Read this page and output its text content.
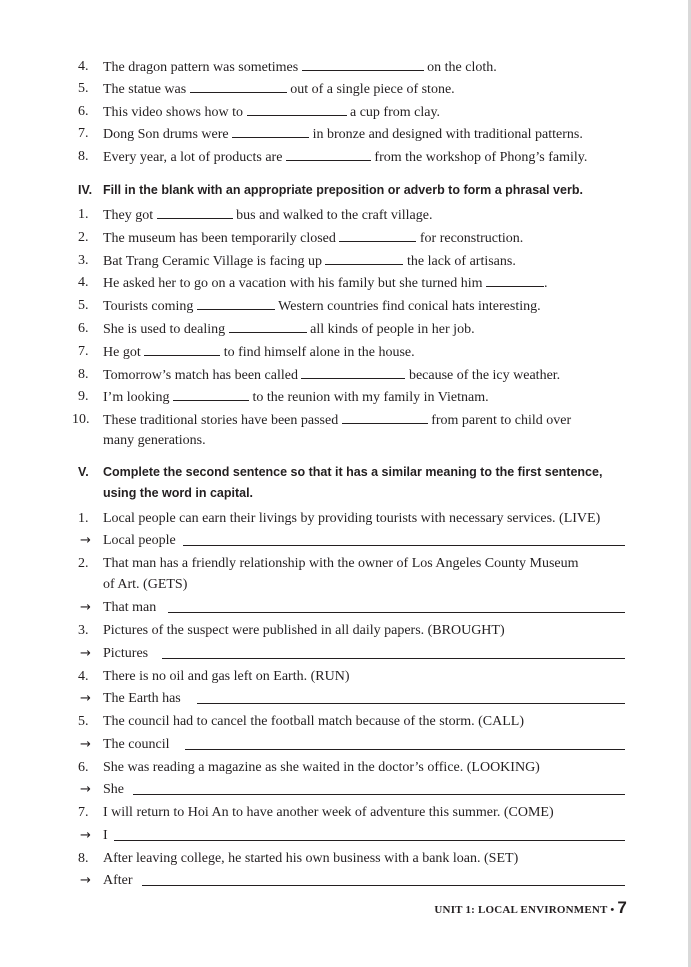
4.	The dragon pattern was sometimes	on the cloth.
5.	The statue was	out of a single piece of stone.
6.	This video shows how to	a cup from clay.
7.	Dong Son drums were	in bronze and designed with traditional patterns.
8.	Every year, a lot of products are	from the workshop of Phong’s family.
IV. Fill in the blank with an appropriate preposition or adverb to form a phrasal verb.
1.	They got	bus and walked to the craft village.
2.	The museum has been temporarily closed	for reconstruction.
3.	Bat Trang Ceramic Village is facing up	the lack of artisans.
4.	He asked her to go on a vacation with his family but she turned him	.
5.	Tourists coming	Western countries find conical hats interesting.
6.	She is used to dealing	all kinds of people in her job.
7.	He got	to find himself alone in the house.
8.	Tomorrow’s match has been called	because of the icy weather.
9.	I’m looking	to the reunion with my family in Vietnam.
10. These traditional stories have been passed	from parent to child over
many generations.
V. Complete the second sentence so that it has a similar meaning to the first sentence,
using the word in capital.
1.	Local people can earn their livings by providing tourists with necessary services. (LIVE)
→ Local people
2.	That man has a friendly relationship with the owner of Los Angeles County Museum
of Art. (GETS)
→ That man
3.	Pictures of the suspect were published in all daily papers. (BROUGHT)
→ Pictures
4.	There is no oil and gas left on Earth. (RUN)
→ The Earth has
5.	The council had to cancel the football match because of the storm. (CALL)
→ The council
6.	She was reading a magazine as she waited in the doctor’s office. (LOOKING)
→ She
7.	I will return to Hoi An to have another week of adventure this summer. (COME)
→ I
8.	After leaving college, he started his own business with a bank loan. (SET)
→ After
UNIT 1: LOCAL ENVIRONMENT • 7
